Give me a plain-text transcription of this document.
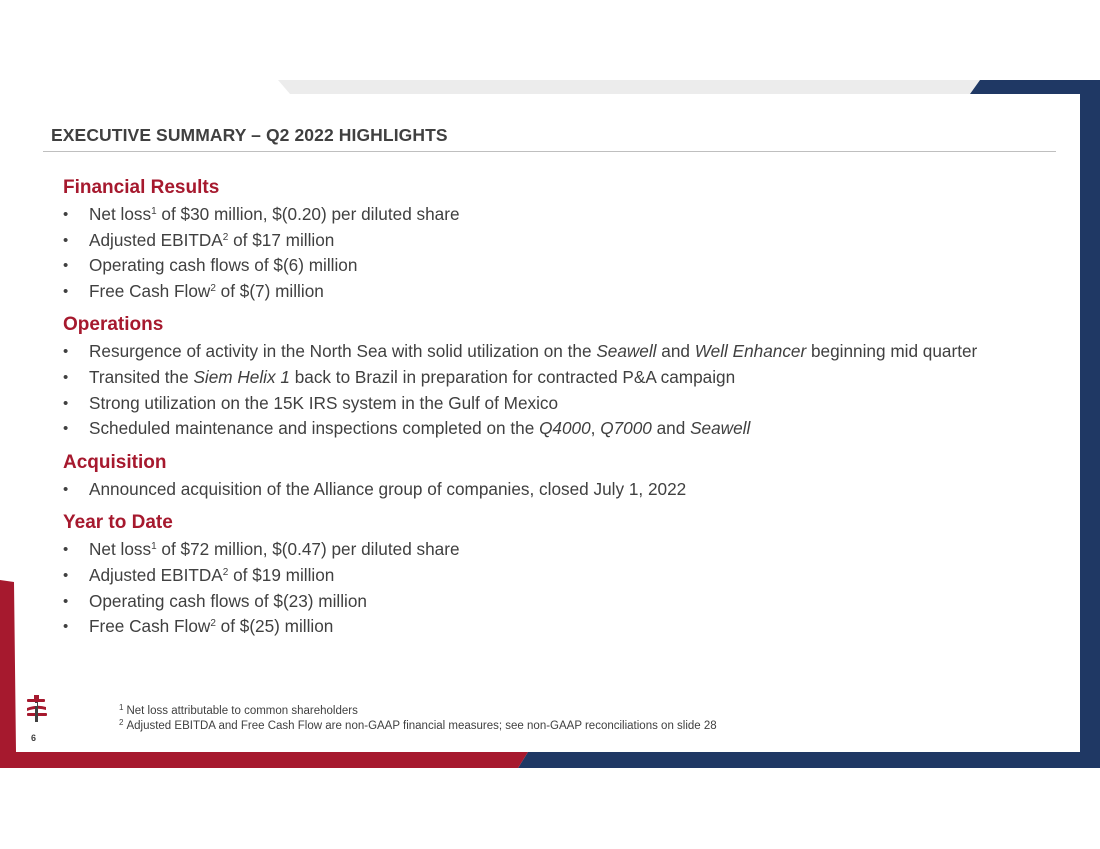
EXECUTIVE SUMMARY – Q2 2022 HIGHLIGHTS
Financial Results
• Net loss$^1$ of $30 million, $(0.20) per diluted share
• Adjusted EBITDA$^2$ of $17 million
• Operating cash flows of $(6) million
• Free Cash Flow$^2$ of $(7) million
Operations
• Resurgence of activity in the North Sea with solid utilization on the Seawell and Well Enhancer beginning mid quarter
• Transited the Siem Helix 1 back to Brazil in preparation for contracted P&A campaign
• Strong utilization on the 15K IRS system in the Gulf of Mexico
• Scheduled maintenance and inspections completed on the Q4000, Q7000 and Seawell
Acquisition
• Announced acquisition of the Alliance group of companies, closed July 1, 2022
Year to Date
• Net loss$^1$ of $72 million, $(0.47) per diluted share
• Adjusted EBITDA$^2$ of $19 million
• Operating cash flows of $(23) million
• Free Cash Flow$^2$ of $(25) million
$^1$ Net loss attributable to common shareholders
$^2$ Adjusted EBITDA and Free Cash Flow are non-GAAP financial measures; see non-GAAP reconciliations on slide 28
6
